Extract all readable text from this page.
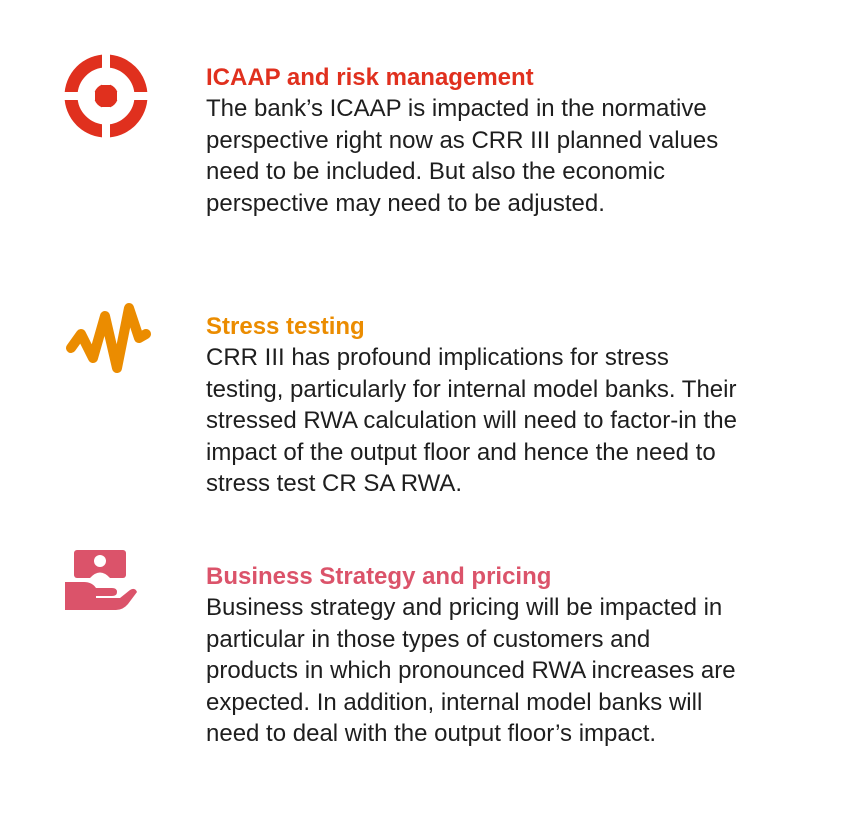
ICAAP and risk management
The bank’s ICAAP is impacted in the normative
perspective right now as CRR III planned values
need to be included. But also the economic
perspective may need to be adjusted.
Stress testing
CRR III has profound implications for stress
testing, particularly for internal model banks. Their
stressed RWA calculation will need to factor-in the
impact of the output floor and hence the need to
stress test CR SA RWA.
Business Strategy and pricing
Business strategy and pricing will be impacted in
particular in those types of customers and
products in which pronounced RWA increases are
expected. In addition, internal model banks will
need to deal with the output floor’s impact.
